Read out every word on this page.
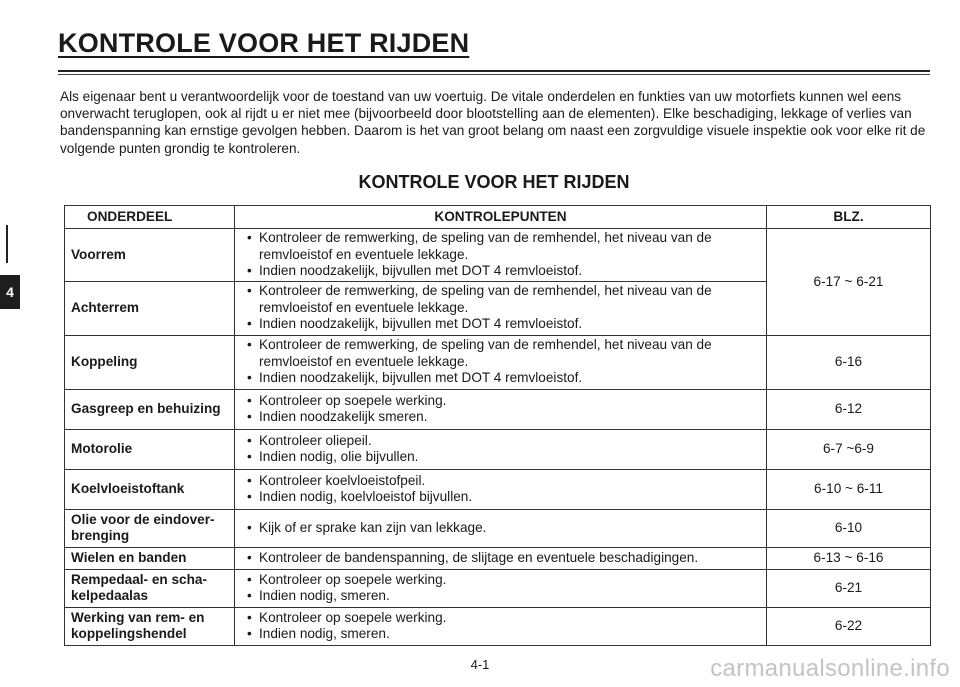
KONTROLE VOOR HET RIJDEN
4

Als eigenaar bent u verantwoordelijk voor de toestand van uw voertuig. De vitale onderdelen en funkties van uw motorfiets kunnen wel eens onverwacht teruglopen, ook al rijdt u er niet mee (bijvoorbeeld door blootstelling aan de elementen). Elke beschadiging, lekkage of verlies van bandenspanning kan ernstige gevolgen hebben. Daarom is het van groot belang om naast een zorgvuldige visuele inspektie ook voor elke rit de volgende punten grondig te kontroleren.

KONTROLE VOOR HET RIJDEN
ONDERDEEL	KONTROLEPUNTEN	BLZ.
Voorrem	• Kontroleer de remwerking, de speling van de remhendel, het niveau van de remvloeistof en eventuele lekkage.
• Indien noodzakelijk, bijvullen met DOT 4 remvloeistof.	6-17 ~ 6-21
Achterrem	• Kontroleer de remwerking, de speling van de remhendel, het niveau van de remvloeistof en eventuele lekkage.
• Indien noodzakelijk, bijvullen met DOT 4 remvloeistof.

Koppeling	• Kontroleer de remwerking, de speling van de remhendel, het niveau van de remvloeistof en eventuele lekkage.
• Indien noodzakelijk, bijvullen met DOT 4 remvloeistof.	6-16
Gasgreep en behuizing	• Kontroleer op soepele werking.
• Indien noodzakelijk smeren.	6-12
Motorolie	• Kontroleer oliepeil.
• Indien nodig, olie bijvullen.	6-7 ~6-9
Koelvloeistoftank	• Kontroleer koelvloeistofpeil.
• Indien nodig, koelvloeistof bijvullen.	6-10 ~ 6-11
Olie voor de eindover-brenging	• Kijk of er sprake kan zijn van lekkage.	6-10
Wielen en banden	• Kontroleer de bandenspanning, de slijtage en eventuele beschadigingen.	6-13 ~ 6-16
Rempedaal- en scha-kelpedaalas	• Kontroleer op soepele werking.
• Indien nodig, smeren.	6-21
Werking van rem- en koppelingshendel	• Kontroleer op soepele werking.
• Indien nodig, smeren.	6-22
4-1	carmanualsonline.info
